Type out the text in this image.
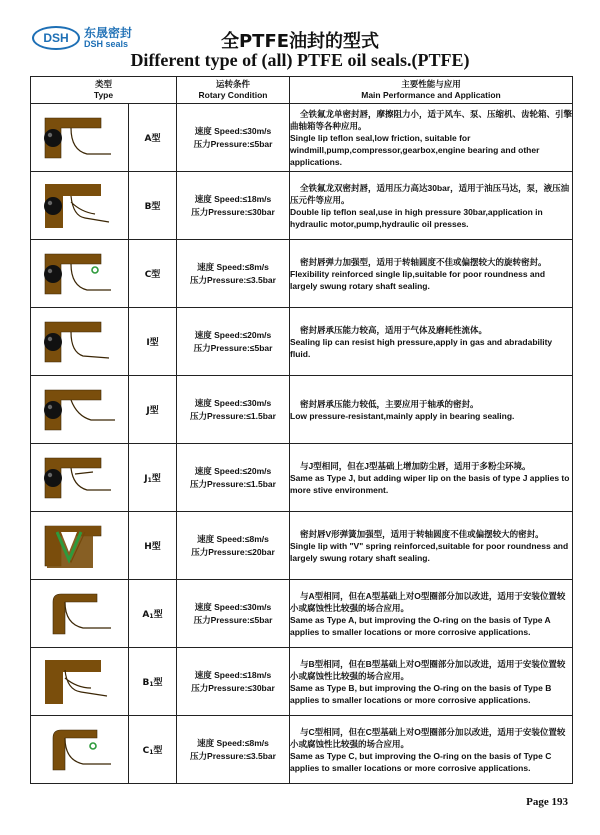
DSH	东晟密封
DSH seals	全PTFE油封的型式
Different type of (all) PTFE oil seals.(PTFE)
类型
Type		运转条件
Rotary Condition	主要性能与应用
Main Performance and Application

	A型	速度 Speed:≤30m/s
压力Pressure:≤5bar	全铁氟龙单密封唇，摩擦阻力小，适于风车、泵、压缩机、齿轮箱、引擎曲轴箱等各种应用。
Single lip teflon seal,low friction, suitable for windmill,pump,compressor,gearbox,engine bearing and other applications.

	B型	速度 Speed:≤18m/s
压力Pressure:≤30bar	全铁氟龙双密封唇，适用压力高达30bar，适用于油压马达，泵，液压油压元件等应用。
Double lip teflon seal,use in high pressure 30bar,application in hydraulic motor,pump,hydraulic oil presses.

	C型	速度 Speed:≤8m/s
压力Pressure:≤3.5bar	密封唇弹力加强型，适用于转轴圆度不佳或偏摆较大的旋转密封。
Flexibility reinforced single lip,suitable for poor roundness and largely swung rotary shaft sealing.

	I型	速度 Speed:≤20m/s
压力Pressure:≤5bar	密封唇承压能力较高，适用于气体及磨耗性流体。
Sealing lip can resist high pressure,apply in gas and abradability fluid.

	J型	速度 Speed:≤30m/s
压力Pressure:≤1.5bar	密封唇承压能力较低，主要应用于轴承的密封。
Low pressure-resistant,mainly apply in bearing sealing.

	$J_1$型	速度 Speed:≤20m/s
压力Pressure:≤1.5bar	与J型相同，但在J型基础上增加防尘唇，适用于多粉尘环境。
Same as Type J, but adding wiper lip on the basis of type J applies to more stive environment.

	H型	速度 Speed:≤8m/s
压力Pressure:≤20bar	密封唇V形弹簧加强型，适用于转轴圆度不佳或偏摆较大的密封。
Single lip with "V" spring reinforced,suitable for poor roundness and largely swung rotary shaft sealing.

	$A_1$型	速度 Speed:≤30m/s
压力Pressure:≤5bar	与A型相同，但在A型基础上对O型圈部分加以改进，适用于安装位置较小或腐蚀性比较强的场合应用。
Same as Type A, but improving the O-ring on the basis of Type A applies to smaller locations or more corrosive applications.

	$B_1$型	速度 Speed:≤18m/s
压力Pressure:≤30bar	与B型相同，但在B型基础上对O型圈部分加以改进，适用于安装位置较小或腐蚀性比较强的场合应用。
Same as Type B, but improving the O-ring on the basis of Type B applies to smaller locations or more corrosive applications.

	$C_1$型	速度 Speed:≤8m/s
压力Pressure:≤3.5bar	与C型相同，但在C型基础上对O型圈部分加以改进，适用于安装位置较小或腐蚀性比较强的场合应用。
Same as Type C, but improving the O-ring on the basis of Type C applies to smaller locations or more corrosive applications.
Page 193
